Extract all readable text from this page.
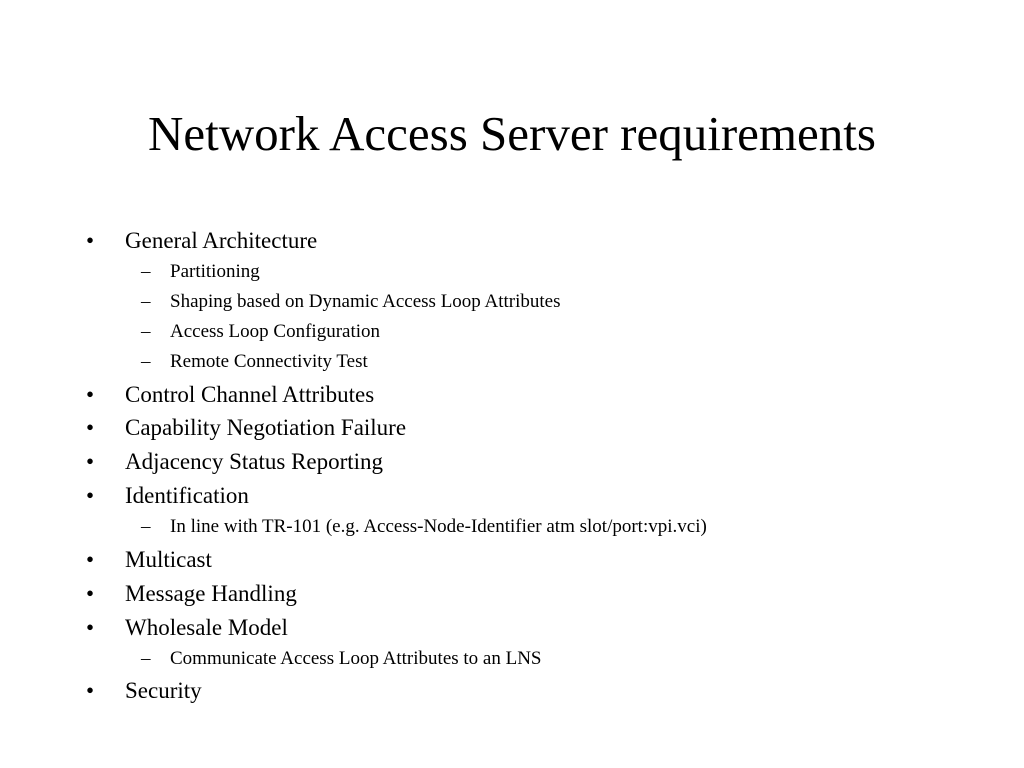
Network Access Server requirements
• General Architecture
– Partitioning
– Shaping based on Dynamic Access Loop Attributes
– Access Loop Configuration
– Remote Connectivity Test
• Control Channel Attributes
• Capability Negotiation Failure
• Adjacency Status Reporting
• Identification
– In line with TR-101 (e.g. Access-Node-Identifier atm slot/port:vpi.vci)
• Multicast
• Message Handling
• Wholesale Model
– Communicate Access Loop Attributes to an LNS
• Security
